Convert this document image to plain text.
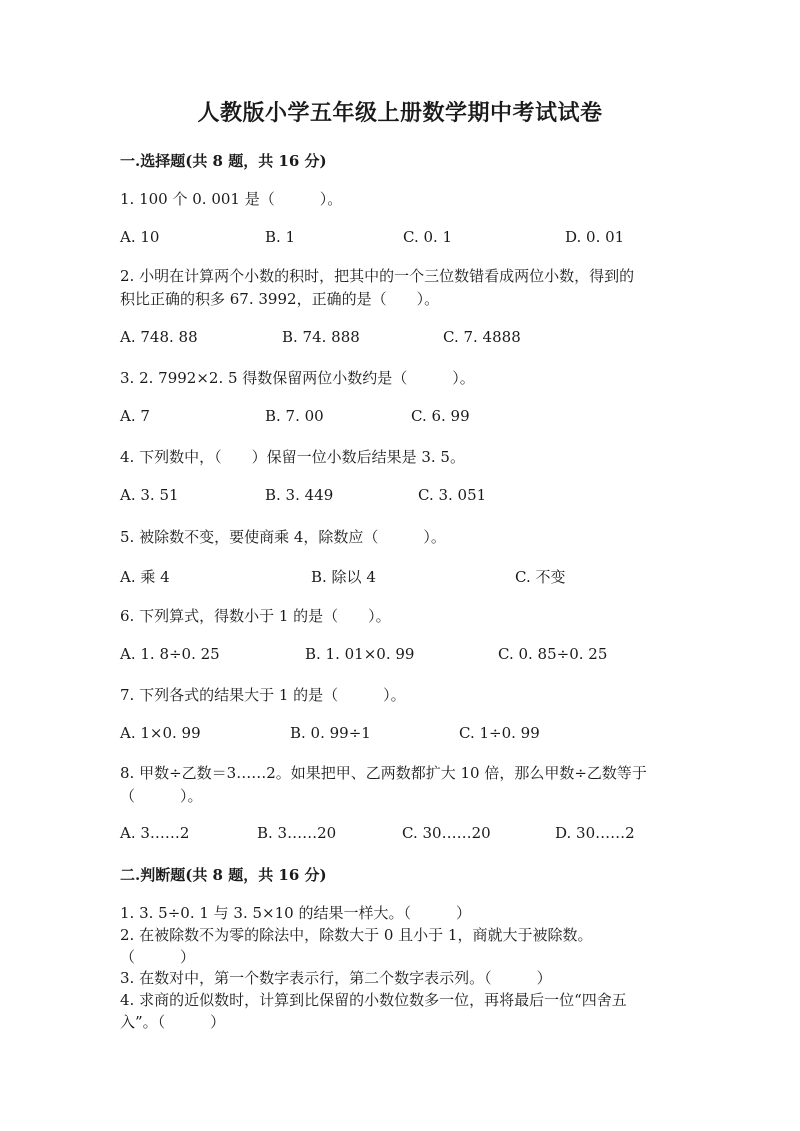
人教版小学五年级上册数学期中考试试卷
一.选择题(共 8 题，共 16 分)
1. 100 个 0. 001 是（　　　）。
A. 10	B. 1	C. 0. 1	D. 0. 01
2. 小明在计算两个小数的积时，把其中的一个三位数错看成两位小数，得到的
积比正确的积多 67. 3992，正确的是（　　）。
A. 748. 88	B. 74. 888	C. 7. 4888
3. 2. 7992×2. 5 得数保留两位小数约是（　　　）。
A. 7	B. 7. 00	C. 6. 99
4. 下列数中，（　　）保留一位小数后结果是 3. 5。
A. 3. 51	B. 3. 449	C. 3. 051
5. 被除数不变，要使商乘 4，除数应（　　　）。
A. 乘 4	B. 除以 4	C. 不变
6. 下列算式，得数小于 1 的是（　　）。
A. 1. 8÷0. 25	B. 1. 01×0. 99	C. 0. 85÷0. 25
7. 下列各式的结果大于 1 的是（　　　）。
A. 1×0. 99	B. 0. 99÷1	C. 1÷0. 99
8. 甲数÷乙数＝3……2。如果把甲、乙两数都扩大 10 倍，那么甲数÷乙数等于
（　　　）。
A. 3……2	B. 3……20	C. 30……20	D. 30……2
二.判断题(共 8 题，共 16 分)
1. 3. 5÷0. 1 与 3. 5×10 的结果一样大。（　　　）
2. 在被除数不为零的除法中，除数大于 0 且小于 1，商就大于被除数。
（　　　）
3. 在数对中，第一个数字表示行，第二个数字表示列。（　　　）
4. 求商的近似数时，计算到比保留的小数位数多一位，再将最后一位“四舍五
入”。（　　　）
